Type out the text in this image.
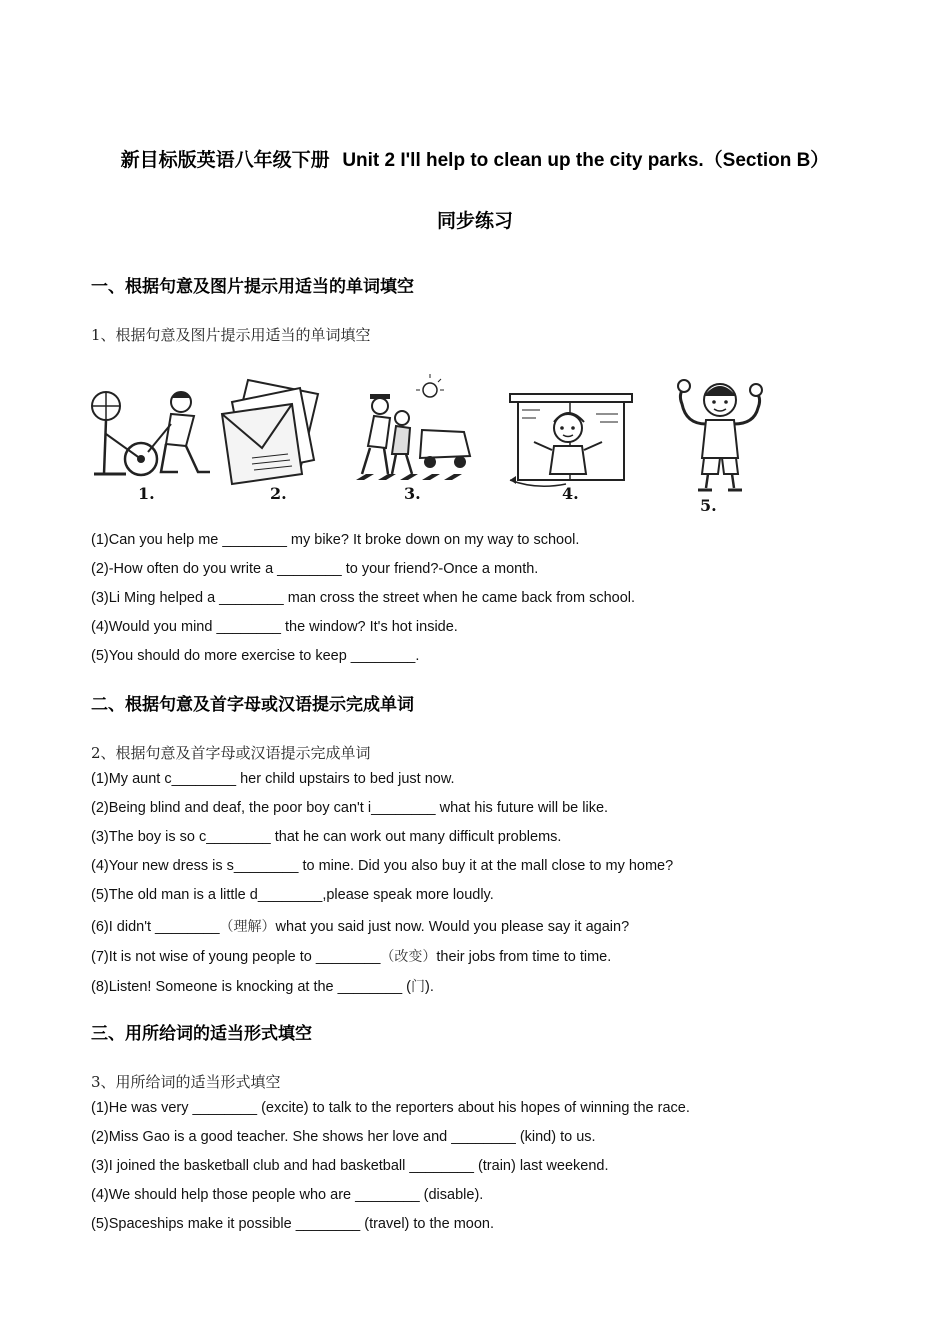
新目标版英语八年级下册 Unit 2 I'll help to clean up the city parks.（Section B）
同步练习
一、根据句意及图片提示用适当的单词填空
1、根据句意及图片提示用适当的单词填空
1.	2.	3.	4.
5.
(1)Can you help me ________ my bike? It broke down on my way to school.
(2)-How often do you write a ________ to your friend?-Once a month.
(3)Li Ming helped a ________ man cross the street when he came back from school.
(4)Would you mind ________ the window? It's hot inside.
(5)You should do more exercise to keep ________.
二、根据句意及首字母或汉语提示完成单词
2、根据句意及首字母或汉语提示完成单词
(1)My aunt c________ her child upstairs to bed just now.
(2)Being blind and deaf, the poor boy can't i________ what his future will be like.
(3)The boy is so c________ that he can work out many difficult problems.
(4)Your new dress is s________ to mine. Did you also buy it at the mall close to my home?
(5)The old man is a little d________,please speak more loudly.
(6)I didn't ________（理解）what you said just now. Would you please say it again?
(7)It is not wise of young people to ________（改变）their jobs from time to time.
(8)Listen! Someone is knocking at the ________ (门).
三、用所给词的适当形式填空
3、用所给词的适当形式填空
(1)He was very ________ (excite) to talk to the reporters about his hopes of winning the race.
(2)Miss Gao is a good teacher. She shows her love and ________ (kind) to us.
(3)I joined the basketball club and had basketball ________ (train) last weekend.
(4)We should help those people who are ________ (disable).
(5)Spaceships make it possible ________ (travel) to the moon.
